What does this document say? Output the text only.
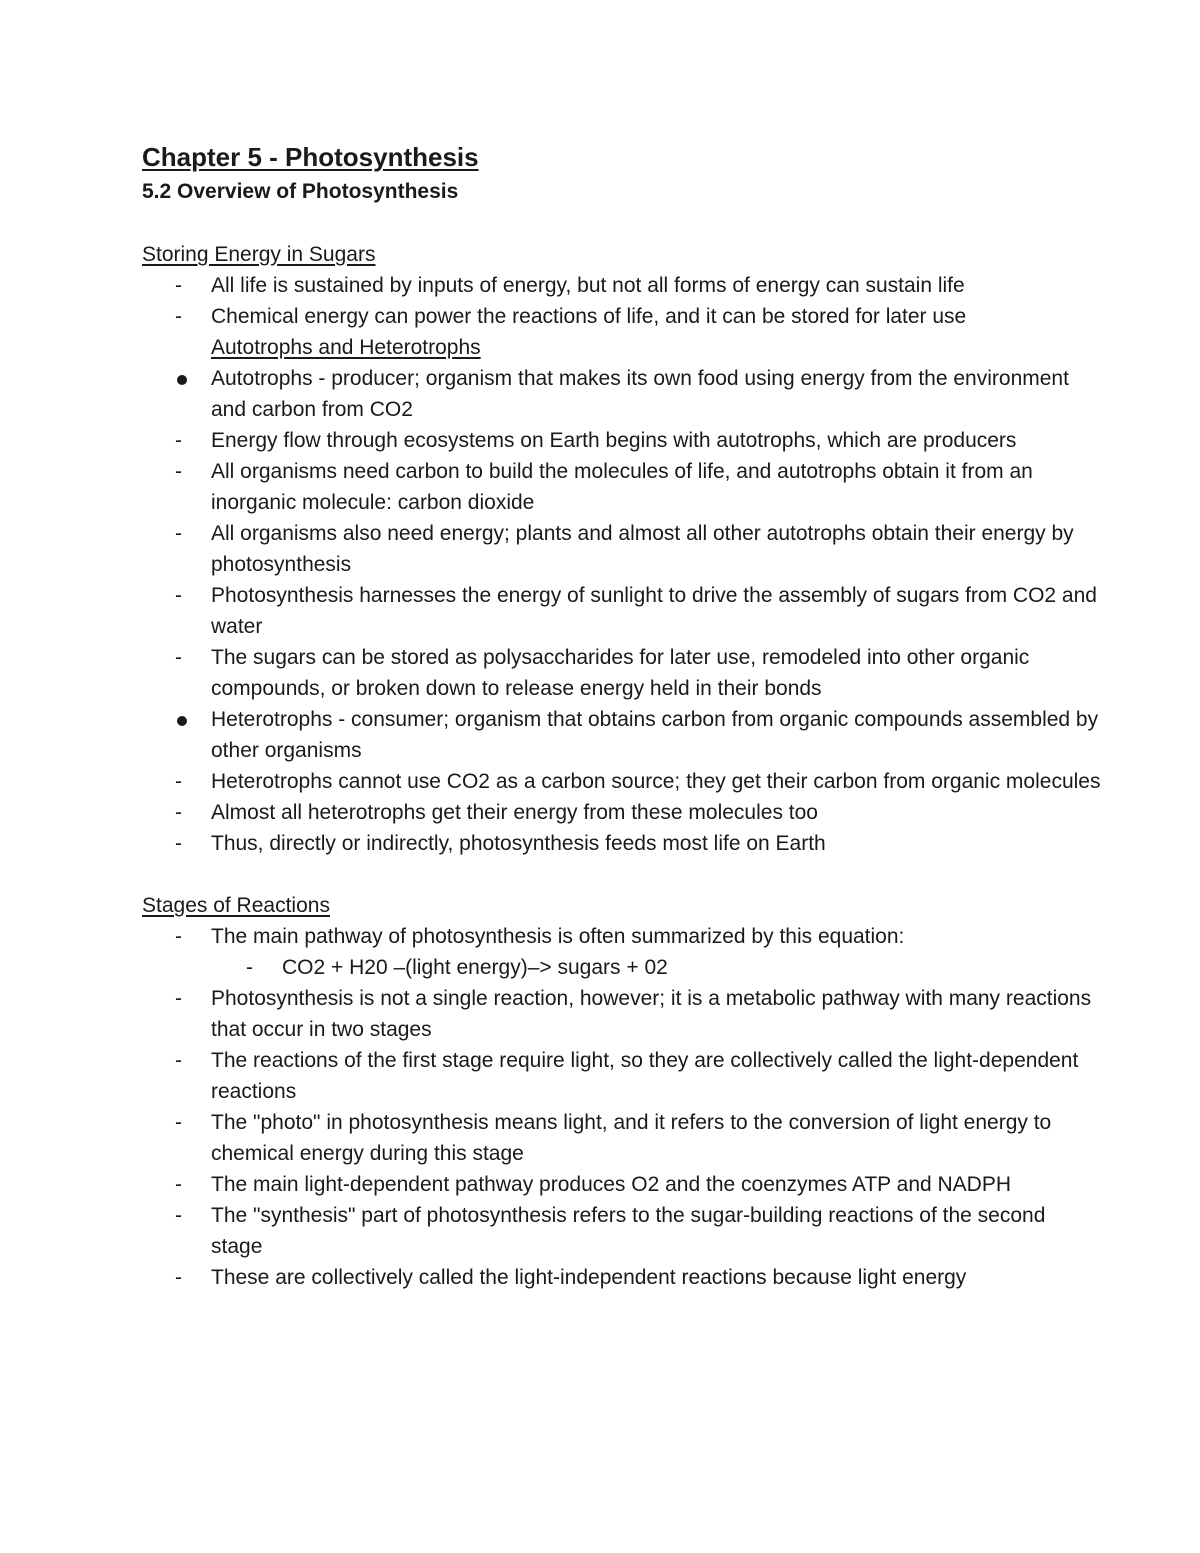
Chapter 5 - Photosynthesis
5.2 Overview of Photosynthesis

Storing Energy in Sugars

-	All life is sustained by inputs of energy, but not all forms of energy can sustain life
-	Chemical energy can power the reactions of life, and it can be stored for later use
Autotrophs and Heterotrophs
Autotrophs - producer; organism that makes its own food using energy from the environment and carbon from CO2
-	Energy flow through ecosystems on Earth begins with autotrophs, which are producers
-	All organisms need carbon to build the molecules of life, and autotrophs obtain it from an inorganic molecule: carbon dioxide
-	All organisms also need energy; plants and almost all other autotrophs obtain their energy by photosynthesis
-	Photosynthesis harnesses the energy of sunlight to drive the assembly of sugars from CO2 and water
-	The sugars can be stored as polysaccharides for later use, remodeled into other organic compounds, or broken down to release energy held in their bonds
Heterotrophs - consumer; organism that obtains carbon from organic compounds assembled by other organisms
-	Heterotrophs cannot use CO2 as a carbon source; they get their carbon from organic molecules
-	Almost all heterotrophs get their energy from these molecules too
-	Thus, directly or indirectly, photosynthesis feeds most life on Earth

Stages of Reactions

-	The main pathway of photosynthesis is often summarized by this equation:
-	CO2 + H20 –(light energy)–> sugars + 02
-	Photosynthesis is not a single reaction, however; it is a metabolic pathway with many reactions that occur in two stages
-	The reactions of the first stage require light, so they are collectively called the light-dependent reactions
-	The "photo" in photosynthesis means light, and it refers to the conversion of light energy to chemical energy during this stage
-	The main light-dependent pathway produces O2 and the coenzymes ATP and NADPH
-	The "synthesis" part of photosynthesis refers to the sugar-building reactions of the second stage
-	These are collectively called the light-independent reactions because light energy
